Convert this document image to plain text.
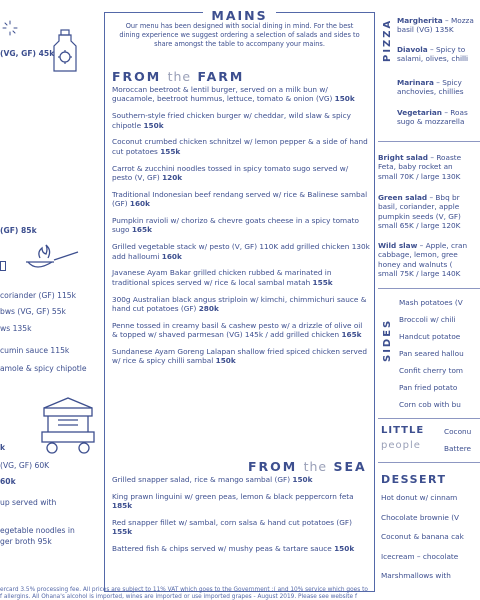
(VG, GF) 45k
(GF) 85k
coriander (GF) 115k
bws (VG, GF) 55k
ws 135k
cumin sauce 115k
amole & spicy chipotle
k
(VG, GF) 60K
60k
up served with
egetable noodles in
ger broth 95k
MAINS
Our menu has been designed with social dining in mind. For the best dining experience we suggest ordering a selection of salads and sides to share amongst the table to accompany your mains.
FROM the FARM
Moroccan beetroot & lentil burger, served on a milk bun w/ guacamole, beetroot hummus, lettuce, tomato & onion (VG) 150k
Southern-style fried chicken burger w/ cheddar, wild slaw & spicy chipotle 150k
Coconut crumbed chicken schnitzel w/ lemon pepper & a side of hand cut potatoes 155k
Carrot & zucchini noodles tossed in spicy tomato sugo served w/ pesto (V, GF) 120k
Traditional Indonesian beef rendang served w/ rice & Balinese sambal (GF) 160k
Pumpkin ravioli w/ chorizo & chevre goats cheese in a spicy tomato sugo 165k
Grilled vegetable stack w/ pesto (V, GF) 110K add grilled chicken 130k add halloumi 160k
Javanese Ayam Bakar grilled chicken rubbed & marinated in traditional spices served w/ rice & local sambal matah 155k
300g Australian black angus striploin w/ kimchi, chimmichuri sauce & hand cut potatoes (GF) 280k
Penne tossed in creamy basil & cashew pesto w/ a drizzle of olive oil & topped w/ shaved parmesan (VG) 145k / add grilled chicken 165k
Sundanese Ayam Goreng Lalapan shallow fried spiced chicken served w/ rice & spicy chilli sambal 150k
FROM the SEA
Grilled snapper salad, rice & mango sambal (GF) 150k
King prawn linguini w/ green peas, lemon & black peppercorn feta 185k
Red snapper fillet w/ sambal, corn salsa & hand cut potatoes (GF) 155k
Battered fish & chips served w/ mushy peas & tartare sauce 150k
PIZZA Margherita – Mozza
basil (VG) 135K
Diavola – Spicy to
salami, olives, chilli
Marinara – Spicy
anchovies, chillies
Vegetarian – Roas
sugo & mozzarella
Bright salad – Roaste
Feta, baby rocket an
small 70K / large 130K
Green salad – Bbq br
basil, coriander, apple
pumpkin seeds (V, GF)
small 65K / large 120K
Wild slaw – Apple, cran
cabbage, lemon, gree
honey and walnuts (
small 75K / large 140K
SIDES
Mash potatoes (V
Broccoli w/ chili
Handcut potatoe
Pan seared hallou
Confit cherry tom
Pan fried potato
Corn cob with bu
LITTLE
people
Coconu
Battere
DESSERT
Hot donut w/ cinnam
Chocolate brownie (V
Coconut & banana cak
Icecream – chocolate
Marshmallows with
ercard 3.5% processing fee. All prices are subject to 11% VAT which goes to the Government :( and 10% service which goes to
f allergins. All Ohana's alcohol is imported, wines are imported or use imported grapes - August 2019. Please see website f
